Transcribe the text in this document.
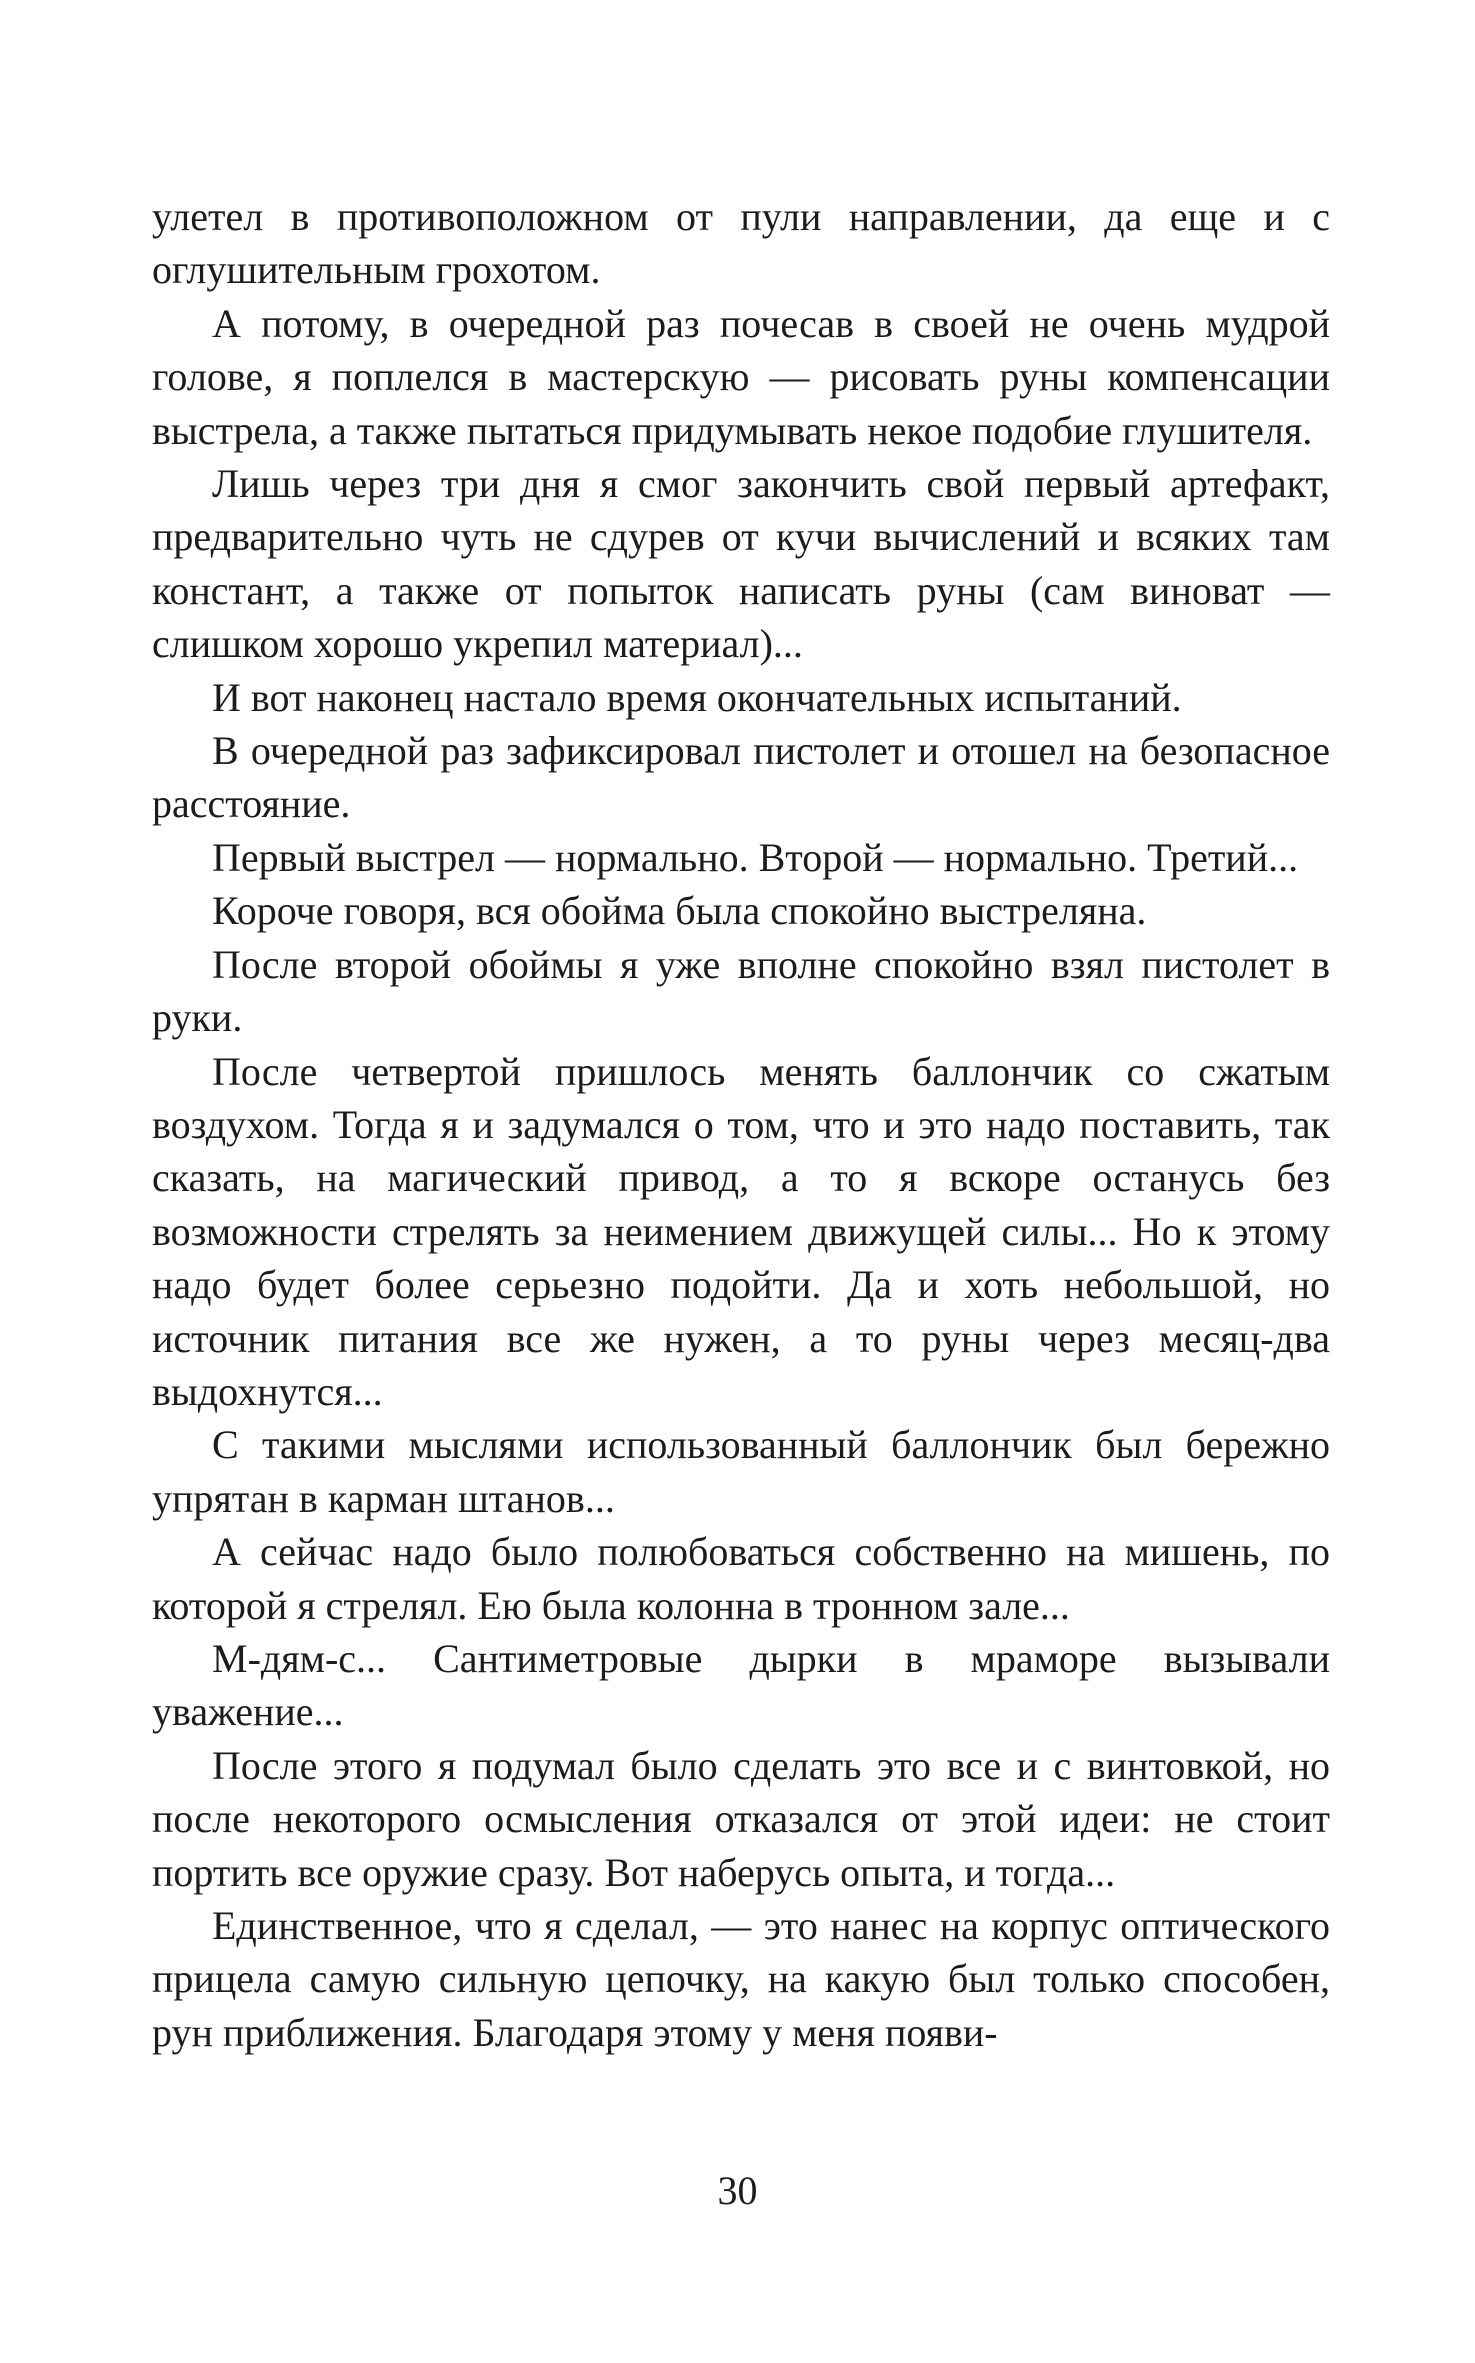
улетел в противоположном от пули направлении, да еще и с оглушительным грохотом.

А потому, в очередной раз почесав в своей не очень мудрой голове, я поплелся в мастерскую — рисовать руны компенсации выстрела, а также пытаться придумывать некое подобие глушителя.

Лишь через три дня я смог закончить свой первый артефакт, предварительно чуть не сдурев от кучи вычислений и всяких там констант, а также от попыток написать руны (сам виноват — слишком хорошо укрепил материал)...

И вот наконец настало время окончательных испытаний.

В очередной раз зафиксировал пистолет и отошел на безопасное расстояние.

Первый выстрел — нормально. Второй — нормально. Третий...

Короче говоря, вся обойма была спокойно выстреляна.

После второй обоймы я уже вполне спокойно взял пистолет в руки.

После четвертой пришлось менять баллончик со сжатым воздухом. Тогда я и задумался о том, что и это надо поставить, так сказать, на магический привод, а то я вскоре останусь без возможности стрелять за неимением движущей силы... Но к этому надо будет более серьезно подойти. Да и хоть небольшой, но источник питания все же нужен, а то руны через месяц-два выдохнутся...

С такими мыслями использованный баллончик был бережно упрятан в карман штанов...

А сейчас надо было полюбоваться собственно на мишень, по которой я стрелял. Ею была колонна в тронном зале...

М-дям-с... Сантиметровые дырки в мраморе вызывали уважение...

После этого я подумал было сделать это все и с винтовкой, но после некоторого осмысления отказался от этой идеи: не стоит портить все оружие сразу. Вот наберусь опыта, и тогда...

Единственное, что я сделал, — это нанес на корпус оптического прицела самую сильную цепочку, на какую был только способен, рун приближения. Благодаря этому у меня появи-

30
